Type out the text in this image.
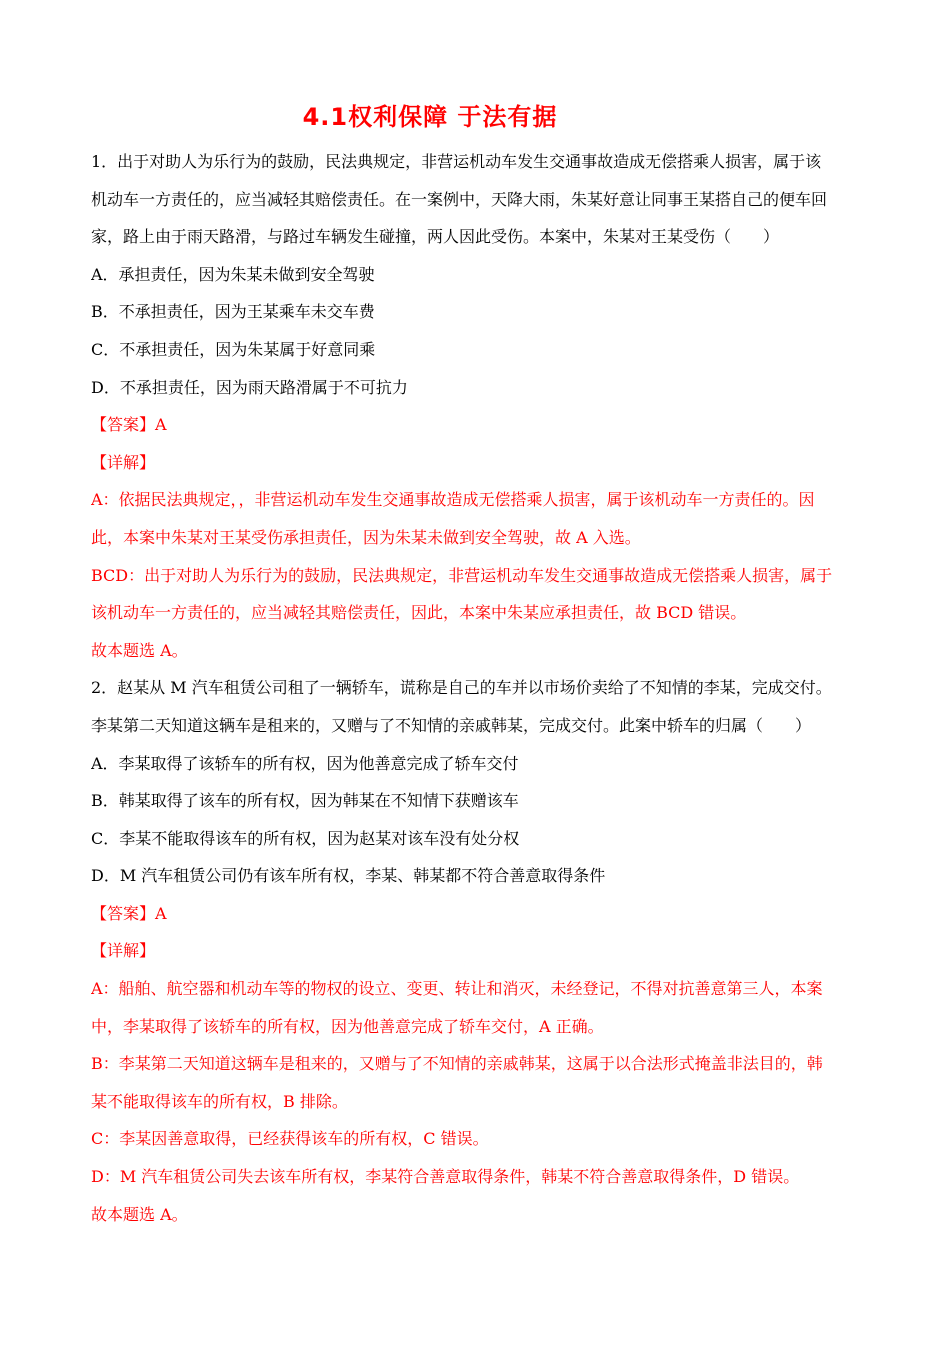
4.1权利保障 于法有据
1．出于对助人为乐行为的鼓励，民法典规定，非营运机动车发生交通事故造成无偿搭乘人损害，属于该
机动车一方责任的，应当减轻其赔偿责任。在一案例中，天降大雨，朱某好意让同事王某搭自己的便车回
家，路上由于雨天路滑，与路过车辆发生碰撞，两人因此受伤。本案中，朱某对王某受伤（　　）
A．承担责任，因为朱某未做到安全驾驶
B．不承担责任，因为王某乘车未交车费
C．不承担责任，因为朱某属于好意同乘
D．不承担责任，因为雨天路滑属于不可抗力
【答案】A
【详解】
A：依据民法典规定，，非营运机动车发生交通事故造成无偿搭乘人损害，属于该机动车一方责任的。因
此，本案中朱某对王某受伤承担责任，因为朱某未做到安全驾驶，故 A 入选。
BCD：出于对助人为乐行为的鼓励，民法典规定，非营运机动车发生交通事故造成无偿搭乘人损害，属于
该机动车一方责任的，应当减轻其赔偿责任，因此，本案中朱某应承担责任，故 BCD 错误。
故本题选 A。
2．赵某从 M 汽车租赁公司租了一辆轿车，谎称是自己的车并以市场价卖给了不知情的李某，完成交付。
李某第二天知道这辆车是租来的，又赠与了不知情的亲戚韩某，完成交付。此案中轿车的归属（　　）
A．李某取得了该轿车的所有权，因为他善意完成了轿车交付
B．韩某取得了该车的所有权，因为韩某在不知情下获赠该车
C．李某不能取得该车的所有权，因为赵某对该车没有处分权
D．M 汽车租赁公司仍有该车所有权，李某、韩某都不符合善意取得条件
【答案】A
【详解】
A：船舶、航空器和机动车等的物权的设立、变更、转让和消灭，未经登记，不得对抗善意第三人，本案
中，李某取得了该轿车的所有权，因为他善意完成了轿车交付，A 正确。
B：李某第二天知道这辆车是租来的，又赠与了不知情的亲戚韩某，这属于以合法形式掩盖非法目的，韩
某不能取得该车的所有权，B 排除。
C：李某因善意取得，已经获得该车的所有权，C 错误。
D：M 汽车租赁公司失去该车所有权，李某符合善意取得条件，韩某不符合善意取得条件，D 错误。
故本题选 A。
